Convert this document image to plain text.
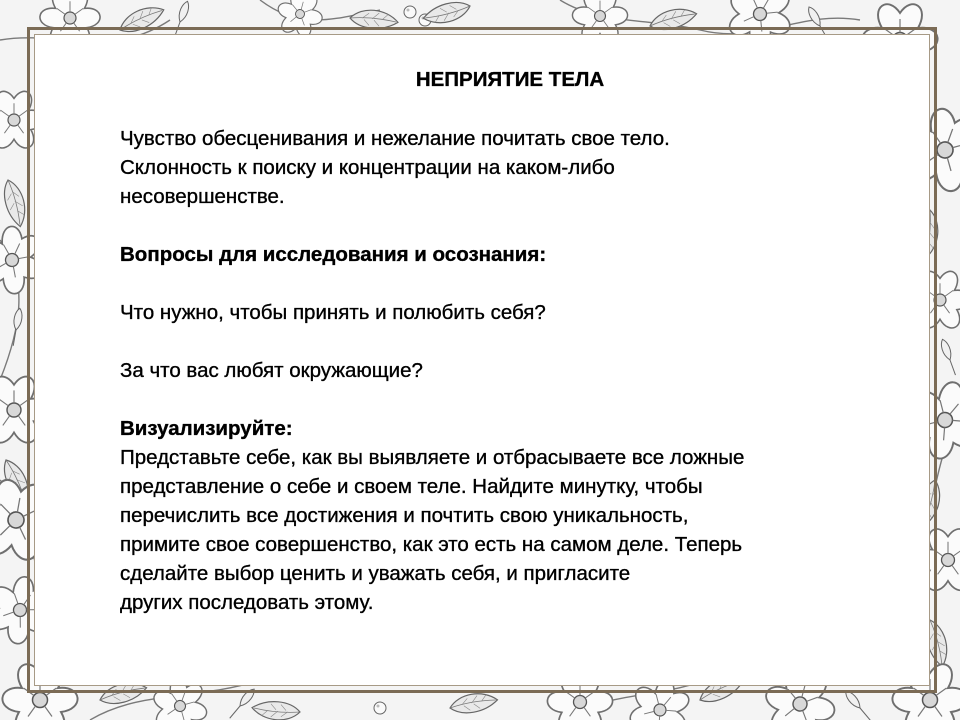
НЕПРИЯТИЕ ТЕЛА

Чувство обесценивания и нежелание почитать свое тело.
Склонность к поиску и концентрации на каком-либо
несовершенстве.

Вопросы для исследования и осознания:

Что нужно, чтобы принять и полюбить себя?

За что вас любят окружающие?

Визуализируйте:

Представьте себе, как вы выявляете и отбрасываете все ложные
представление о себе и своем теле. Найдите минутку, чтобы
перечислить все достижения и почтить свою уникальность,
примите свое совершенство, как это есть на самом деле. Теперь
сделайте выбор ценить и уважать себя, и пригласите
других последовать этому.
